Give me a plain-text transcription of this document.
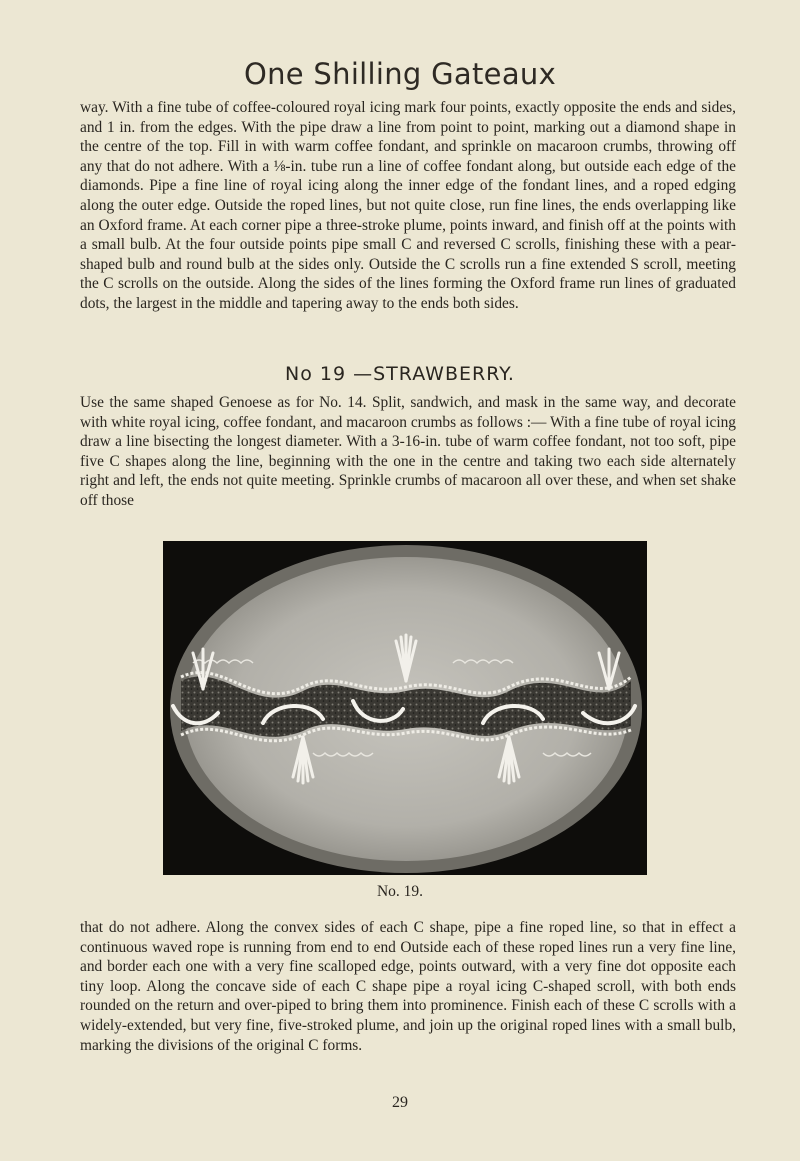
One Shilling Gateaux

way. With a fine tube of coffee-coloured royal icing mark four points, exactly opposite the ends and sides, and 1 in. from the edges. With the pipe draw a line from point to point, marking out a diamond shape in the centre of the top. Fill in with warm coffee fondant, and sprinkle on macaroon crumbs, throwing off any that do not adhere. With a ⅛-in. tube run a line of coffee fondant along, but outside each edge of the diamonds. Pipe a fine line of royal icing along the inner edge of the fondant lines, and a roped edging along the outer edge. Outside the roped lines, but not quite close, run fine lines, the ends overlapping like an Oxford frame. At each corner pipe a three-stroke plume, points inward, and finish off at the points with a small bulb. At the four outside points pipe small C and reversed C scrolls, finishing these with a pear-shaped bulb and round bulb at the sides only. Outside the C scrolls run a fine extended S scroll, meeting the C scrolls on the outside. Along the sides of the lines forming the Oxford frame run lines of graduated dots, the largest in the middle and tapering away to the ends both sides.

No 19 —STRAWBERRY.

Use the same shaped Genoese as for No. 14. Split, sandwich, and mask in the same way, and decorate with white royal icing, coffee fondant, and macaroon crumbs as follows :— With a fine tube of royal icing draw a line bisecting the longest diameter. With a 3-16-in. tube of warm coffee fondant, not too soft, pipe five C shapes along the line, beginning with the one in the centre and taking two each side alternately right and left, the ends not quite meeting. Sprinkle crumbs of macaroon all over these, and when set shake off those

No. 19.

that do not adhere. Along the convex sides of each C shape, pipe a fine roped line, so that in effect a continuous waved rope is running from end to end Outside each of these roped lines run a very fine line, and border each one with a very fine scalloped edge, points outward, with a very fine dot opposite each tiny loop. Along the concave side of each C shape pipe a royal icing C-shaped scroll, with both ends rounded on the return and over-piped to bring them into prominence. Finish each of these C scrolls with a widely-extended, but very fine, five-stroked plume, and join up the original roped lines with a small bulb, marking the divisions of the original C forms.

29
